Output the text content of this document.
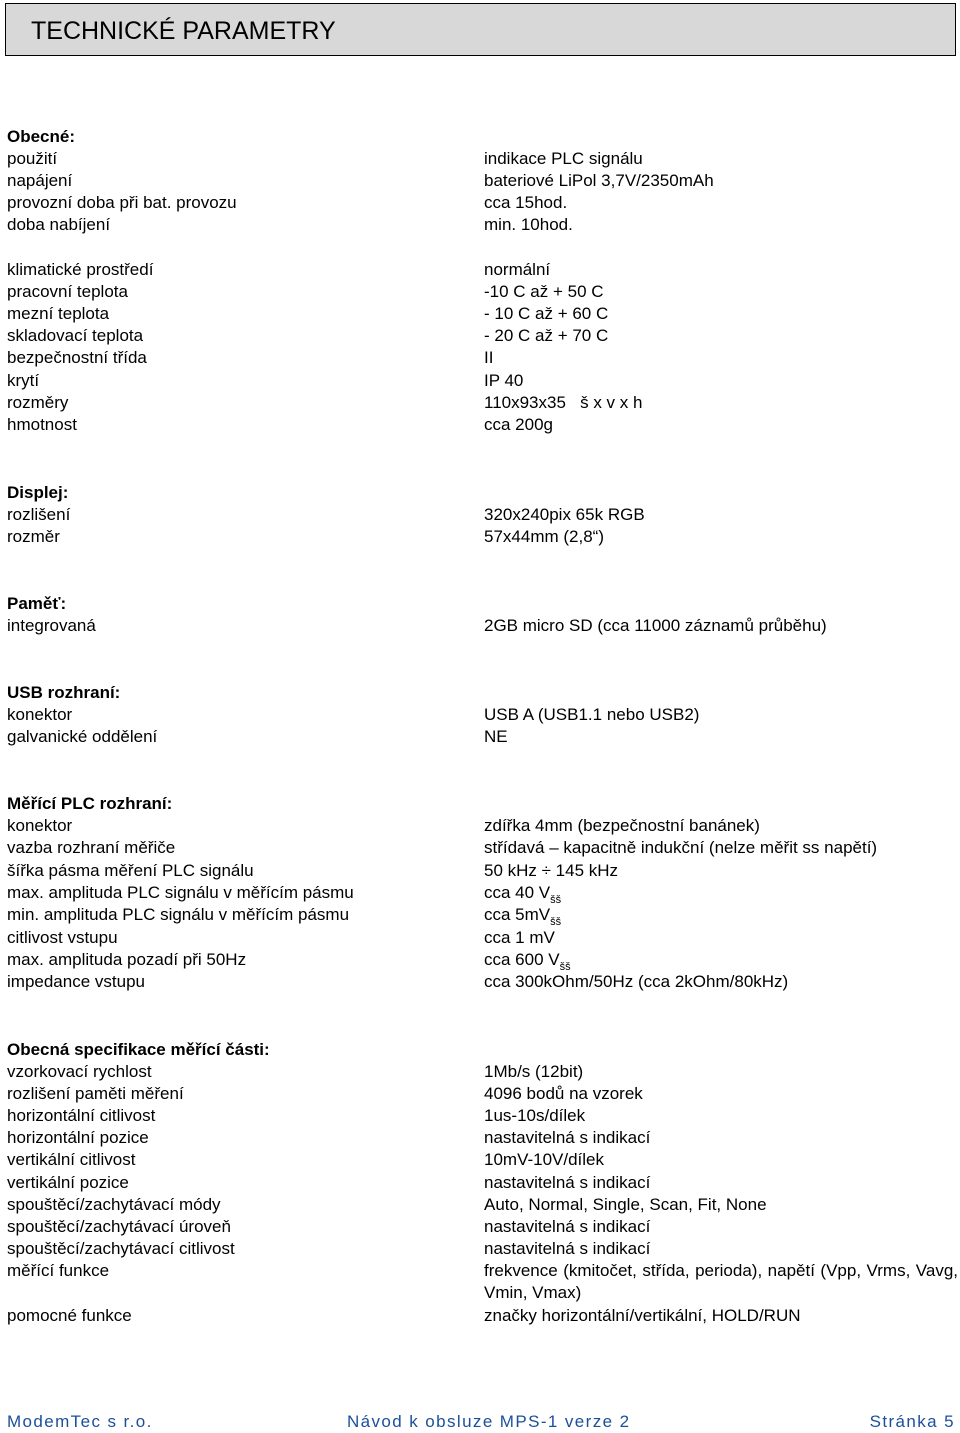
TECHNICKÉ PARAMETRY
Obecné:
použití	indikace PLC signálu
napájení	bateriové LiPol 3,7V/2350mAh
provozní doba při bat. provozu	cca 15hod.
doba nabíjení	min. 10hod.
klimatické prostředí	normální
pracovní teplota	-10 C až + 50 C
mezní teplota	- 10 C až + 60 C
skladovací teplota	- 20 C až + 70 C
bezpečnostní třída	II
krytí	IP 40
rozměry	110x93x35   š x v x h
hmotnost	cca 200g
Displej:
rozlišení	320x240pix 65k RGB
rozměr	57x44mm (2,8“)
Paměť:
integrovaná	2GB micro SD (cca 11000 záznamů průběhu)
USB rozhraní:
konektor	USB A (USB1.1 nebo USB2)
galvanické oddělení	NE
Měřící PLC rozhraní:
konektor	zdířka 4mm (bezpečnostní banánek)
vazba rozhraní měřiče	střídavá – kapacitně indukční (nelze měřit ss napětí)
šířka pásma měření PLC signálu	50 kHz ÷ 145 kHz
max. amplituda PLC signálu v měřícím pásmu	cca 40 $V_{šš}$
min. amplituda PLC signálu v měřícím pásmu	cca $5mV_{šš}$
citlivost vstupu	cca 1 mV
max. amplituda pozadí při 50Hz	cca 600 $V_{šš}$
impedance vstupu	cca 300kOhm/50Hz (cca 2kOhm/80kHz)
Obecná specifikace měřící části:
vzorkovací rychlost	1Mb/s (12bit)
rozlišení paměti měření	4096 bodů na vzorek
horizontální citlivost	1us-10s/dílek
horizontální pozice	nastavitelná s indikací
vertikální citlivost	10mV-10V/dílek
vertikální pozice	nastavitelná s indikací
spouštěcí/zachytávací módy	Auto, Normal, Single, Scan, Fit, None
spouštěcí/zachytávací úroveň	nastavitelná s indikací
spouštěcí/zachytávací citlivost	nastavitelná s indikací
měřící funkce	frekvence (kmitočet, střída, perioda), napětí (Vpp, Vrms, Vavg, Vmin, Vmax)
pomocné funkce	značky horizontální/vertikální, HOLD/RUN
ModemTec s r.o.	Návod k obsluze MPS-1 verze 2	Stránka 5
